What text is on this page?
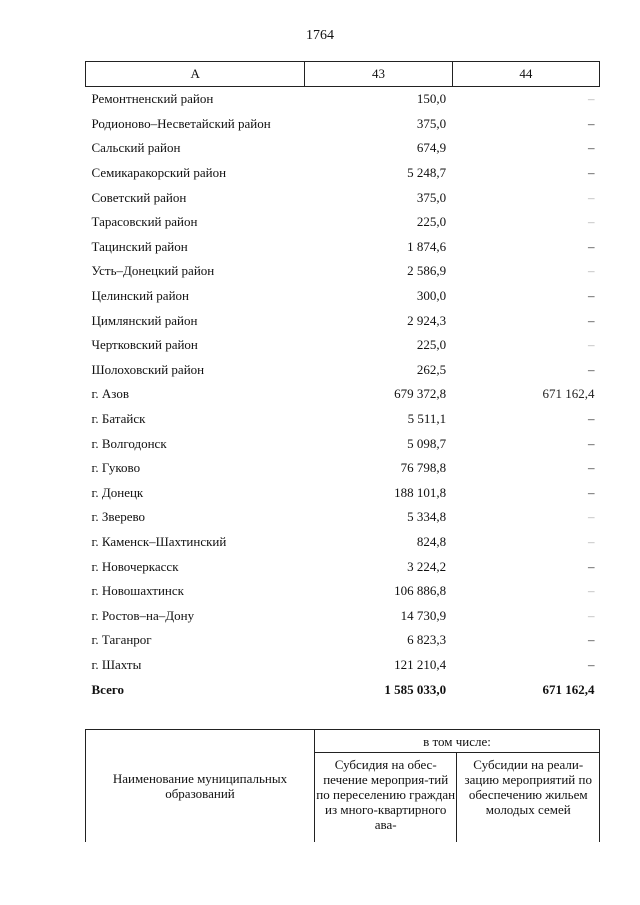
1764
А	43	44
Ремонтненский район	150,0	–
Родионово–Несветайский район	375,0	–
Сальский район	674,9	–
Семикаракорский район	5 248,7	–
Советский район	375,0	–
Тарасовский район	225,0	–
Тацинский район	1 874,6	–
Усть–Донецкий район	2 586,9	–
Целинский район	300,0	–
Цимлянский район	2 924,3	–
Чертковский район	225,0	–
Шолоховский район	262,5	–
г. Азов	679 372,8	671 162,4
г. Батайск	5 511,1	–
г. Волгодонск	5 098,7	–
г. Гуково	76 798,8	–
г. Донецк	188 101,8	–
г. Зверево	5 334,8	–
г. Каменск–Шахтинский	824,8	–
г. Новочеркасск	3 224,2	–
г. Новошахтинск	106 886,8	–
г. Ростов–на–Дону	14 730,9	–
г. Таганрог	6 823,3	–
г. Шахты	121 210,4	–
Всего	1 585 033,0	671 162,4
Наименование муниципальных образований	в том числе:	
	Субсидия на обес-печение мероприя-тий по переселению граждан из много-квартирного ава-	Субсидии на реали-зацию мероприятий по обеспечению жильем молодых семей
